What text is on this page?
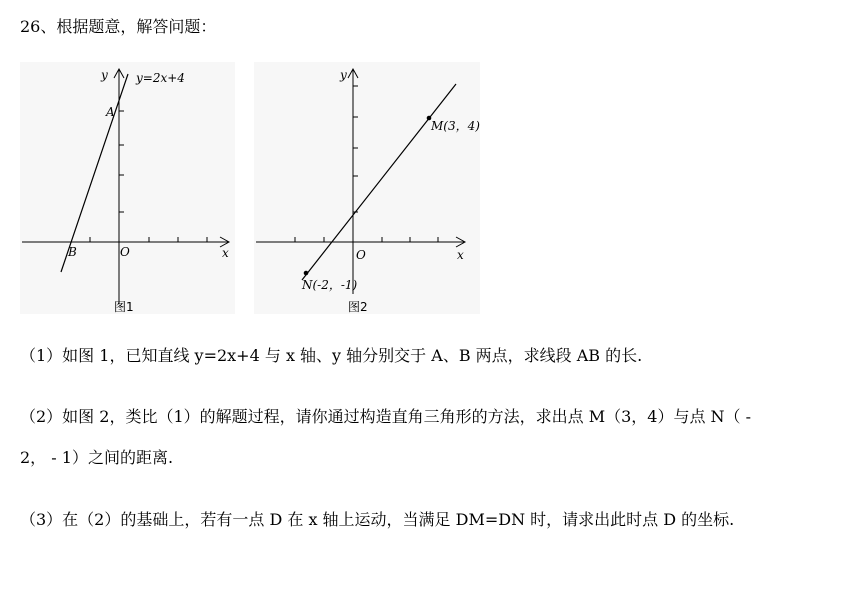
26、根据题意，解答问题：
y y=2x+4
A
B	O	x
图1
y
M(3，4)
N(-2，-1)
O	x
图2
（1）如图 1，已知直线 y=2x+4 与 x 轴、y 轴分别交于 A、B 两点，求线段 AB 的长.
（2）如图 2，类比（1）的解题过程，请你通过构造直角三角形的方法，求出点 M（3，4）与点 N（ -
2， - 1）之间的距离.
（3）在（2）的基础上，若有一点 D 在 x 轴上运动，当满足 DM=DN 时，请求出此时点 D 的坐标.
